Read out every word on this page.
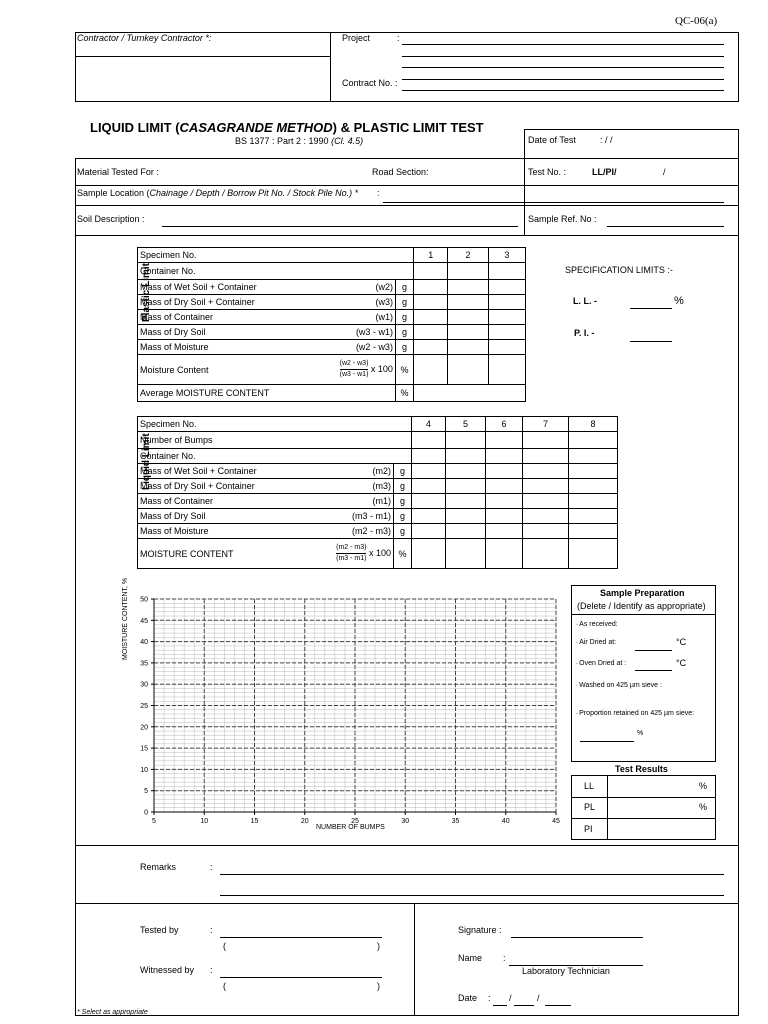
QC-06(a)
Contractor / Turnkey Contractor *:	Project	:
Contract No. :
LIQUID LIMIT (CASAGRANDE METHOD) & PLASTIC LIMIT TEST
BS 1377 : Part 2 : 1990 (Cl. 4.5)	Date of Test	: / /
Material Tested For :	Road Section:	Test No. :	LL/PI/	/
Sample Location (Chainage / Depth / Borrow Pit No. / Stock Pile No.) * :
Soil Description :	Sample Ref. No :
Plastic Limit
Specimen No.			1	2	3
Container No.					
Mass of Wet Soil + Container	(w2)	g			
Mass of Dry Soil + Container	(w3)	g			
Mass of Container	(w1)	g			
Mass of Dry Soil	(w3 - w1)	g			
Mass of Moisture	(w2 - w3)	g			
Moisture Content	$\frac{(w2 - w3)}{(w3 - w1)}$ x 100	%			
Average MOISTURE CONTENT		%			
SPECIFICATION LIMITS :-
L. L. -	%
P. I. -
Liquid Limit
Specimen No.			4	5	6	7	8
Number of Bumps							
Container No.							
Mass of Wet Soil + Container	(m2)	g					
Mass of Dry Soil + Container	(m3)	g					
Mass of Container	(m1)	g					
Mass of Dry Soil	(m3 - m1)	g					
Mass of Moisture	(m2 - m3)	g					
MOISTURE CONTENT	$\frac{(m2 - m3)}{(m3 - m1)}$ x 100	%					
5	10	15	20	25	30	35	40	45
0
5
10
15
20
25
30
35
40
45
50
MOISTURE CONTENT, %
NUMBER OF BUMPS
Sample Preparation
(Delete / Identify as appropriate)
◦ As received:
◦ Air Dried at:	°C
◦ Oven Dried at :	°C
◦ Washed on 425 µm sieve :
◦ Proportion retained on 425 µm sieve:
%
Test Results
LL	%
PL	%
PI
Remarks	:
Tested by	:
(	)
Witnessed by :
(	)
Signature :
Name :
Laboratory Technician
Date : /	/
* Select as appropriate
